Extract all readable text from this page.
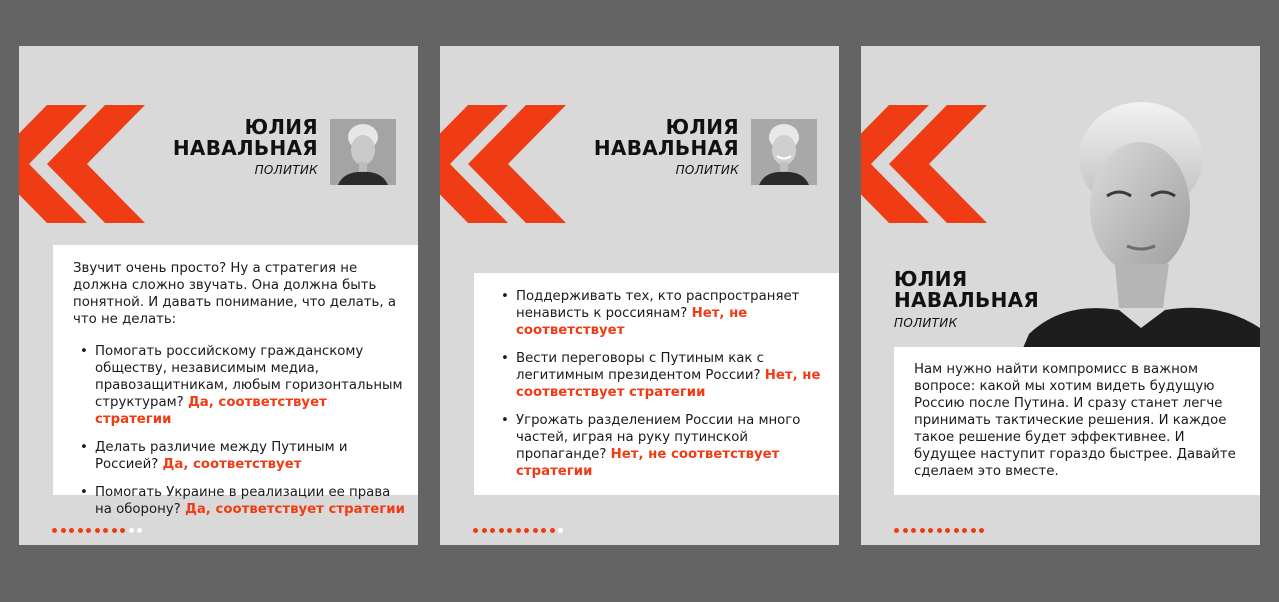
ЮЛИЯ
НАВАЛЬНАЯ
ПОЛИТИК

Звучит очень просто? Ну а стратегия не должна сложно звучать. Она должна быть понятной. И давать понимание, что делать, а что не делать:

• Помогать российскому гражданскому обществу, независимым медиа, правозащитникам, любым горизонтальным структурам? Да, соответствует стратегии
• Делать различие между Путиным и Россией? Да, соответствует
• Помогать Украине в реализации ее права на оборону? Да, соответствует стратегии
ЮЛИЯ
НАВАЛЬНАЯ
ПОЛИТИК
• Поддерживать тех, кто распространяет ненависть к россиянам? Нет, не соответствует
• Вести переговоры с Путиным как с легитимным президентом России? Нет, не соответствует стратегии
• Угрожать разделением России на много частей, играя на руку путинской пропаганде? Нет, не соответствует стратегии
ЮЛИЯ
НАВАЛЬНАЯ
ПОЛИТИК

Нам нужно найти компромисс в важном вопросе: какой мы хотим видеть будущую Россию после Путина. И сразу станет легче принимать тактические решения. И каждое такое решение будет эффективнее. И будущее наступит гораздо быстрее. Давайте сделаем это вместе.
